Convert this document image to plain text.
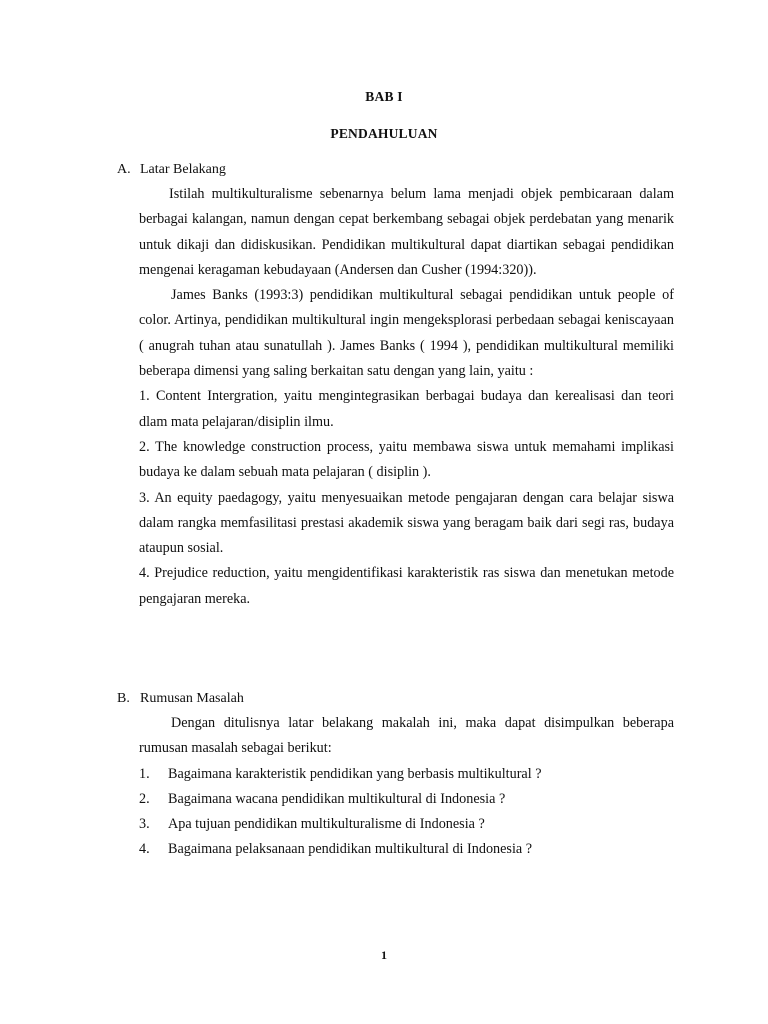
BAB I
PENDAHULUAN
A. Latar Belakang

Istilah multikulturalisme sebenarnya belum lama menjadi objek pembicaraan dalam berbagai kalangan, namun dengan cepat berkembang sebagai objek perdebatan yang menarik untuk dikaji dan didiskusikan. Pendidikan multikultural dapat diartikan sebagai pendidikan mengenai keragaman kebudayaan (Andersen dan Cusher (1994:320)).

James Banks (1993:3) pendidikan multikultural sebagai pendidikan untuk people of color. Artinya, pendidikan multikultural ingin mengeksplorasi perbedaan sebagai keniscayaan ( anugrah tuhan atau sunatullah ). James Banks ( 1994 ), pendidikan multikultural memiliki beberapa dimensi yang saling berkaitan satu dengan yang lain, yaitu :

1. Content Intergration, yaitu mengintegrasikan berbagai budaya dan kerealisasi dan teori dlam mata pelajaran/disiplin ilmu.

2. The knowledge construction process, yaitu membawa siswa untuk memahami implikasi budaya ke dalam sebuah mata pelajaran ( disiplin ).

3. An equity paedagogy, yaitu menyesuaikan metode pengajaran dengan cara belajar siswa dalam rangka memfasilitasi prestasi akademik siswa yang beragam baik dari segi ras, budaya ataupun sosial.

4. Prejudice reduction, yaitu mengidentifikasi karakteristik ras siswa dan menetukan metode pengajaran mereka.

B. Rumusan Masalah

Dengan ditulisnya latar belakang makalah ini, maka dapat disimpulkan beberapa rumusan masalah sebagai berikut:

1. Bagaimana karakteristik pendidikan yang berbasis multikultural ?
2. Bagaimana wacana pendidikan multikultural di Indonesia ?
3. Apa tujuan pendidikan multikulturalisme di Indonesia ?
4. Bagaimana pelaksanaan pendidikan multikultural di Indonesia ?
1
